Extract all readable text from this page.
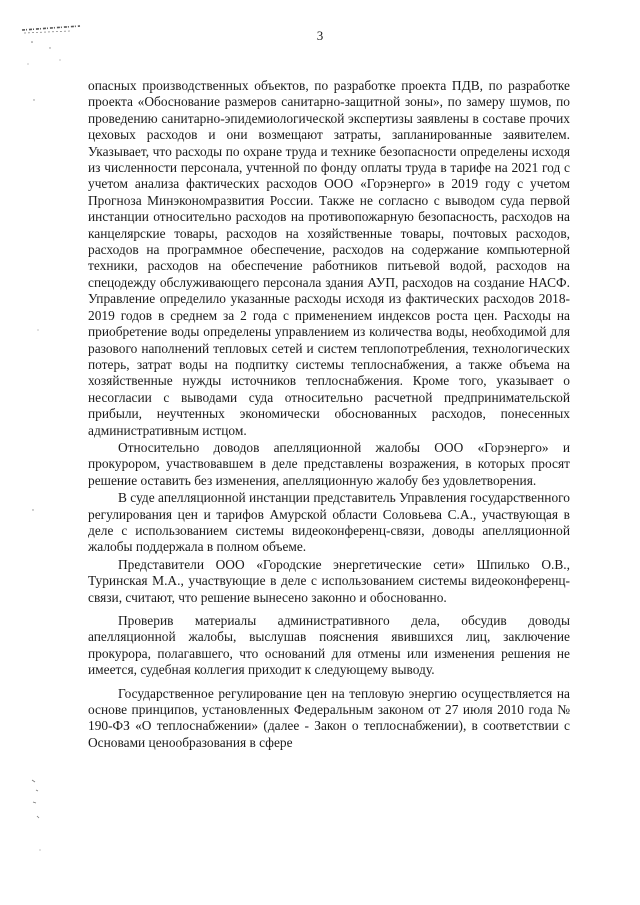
3

опасных производственных объектов, по разработке проекта ПДВ, по разработке проекта «Обоснование размеров санитарно-защитной зоны», по замеру шумов, по проведению санитарно-эпидемиологической экспертизы заявлены в составе прочих цеховых расходов и они возмещают затраты, запланированные заявителем. Указывает, что расходы по охране труда и технике безопасности определены исходя из численности персонала, учтенной по фонду оплаты труда в тарифе на 2021 год с учетом анализа фактических расходов ООО «Горэнерго» в 2019 году с учетом Прогноза Минэкономразвития России. Также не согласно с выводом суда первой инстанции относительно расходов на противопожарную безопасность, расходов на канцелярские товары, расходов на хозяйственные товары, почтовых расходов, расходов на программное обеспечение, расходов на содержание компьютерной техники, расходов на обеспечение работников питьевой водой, расходов на спецодежду обслуживающего персонала здания АУП, расходов на создание НАСФ. Управление определило указанные расходы исходя из фактических расходов 2018-2019 годов в среднем за 2 года с применением индексов роста цен. Расходы на приобретение воды определены управлением из количества воды, необходимой для разового наполнений тепловых сетей и систем теплопотребления, технологических потерь, затрат воды на подпитку системы теплоснабжения, а также объема на хозяйственные нужды источников теплоснабжения. Кроме того, указывает о несогласии с выводами суда относительно расчетной предпринимательской прибыли, неучтенных экономически обоснованных расходов, понесенных административным истцом.

Относительно доводов апелляционной жалобы ООО «Горэнерго» и прокурором, участвовавшем в деле представлены возражения, в которых просят решение оставить без изменения, апелляционную жалобу без удовлетворения.

В суде апелляционной инстанции представитель Управления государственного регулирования цен и тарифов Амурской области Соловьева С.А., участвующая в деле с использованием системы видеоконференц-связи, доводы апелляционной жалобы поддержала в полном объеме.

Представители ООО «Городские энергетические сети» Шпилько О.В., Туринская М.А., участвующие в деле с использованием системы видеоконференц-связи, считают, что решение вынесено законно и обоснованно.

Проверив материалы административного дела, обсудив доводы апелляционной жалобы, выслушав пояснения явившихся лиц, заключение прокурора, полагавшего, что оснований для отмены или изменения решения не имеется, судебная коллегия приходит к следующему выводу.

Государственное регулирование цен на тепловую энергию осуществляется на основе принципов, установленных Федеральным законом от 27 июля 2010 года № 190-ФЗ «О теплоснабжении» (далее - Закон о теплоснабжении), в соответствии с Основами ценообразования в сфере
